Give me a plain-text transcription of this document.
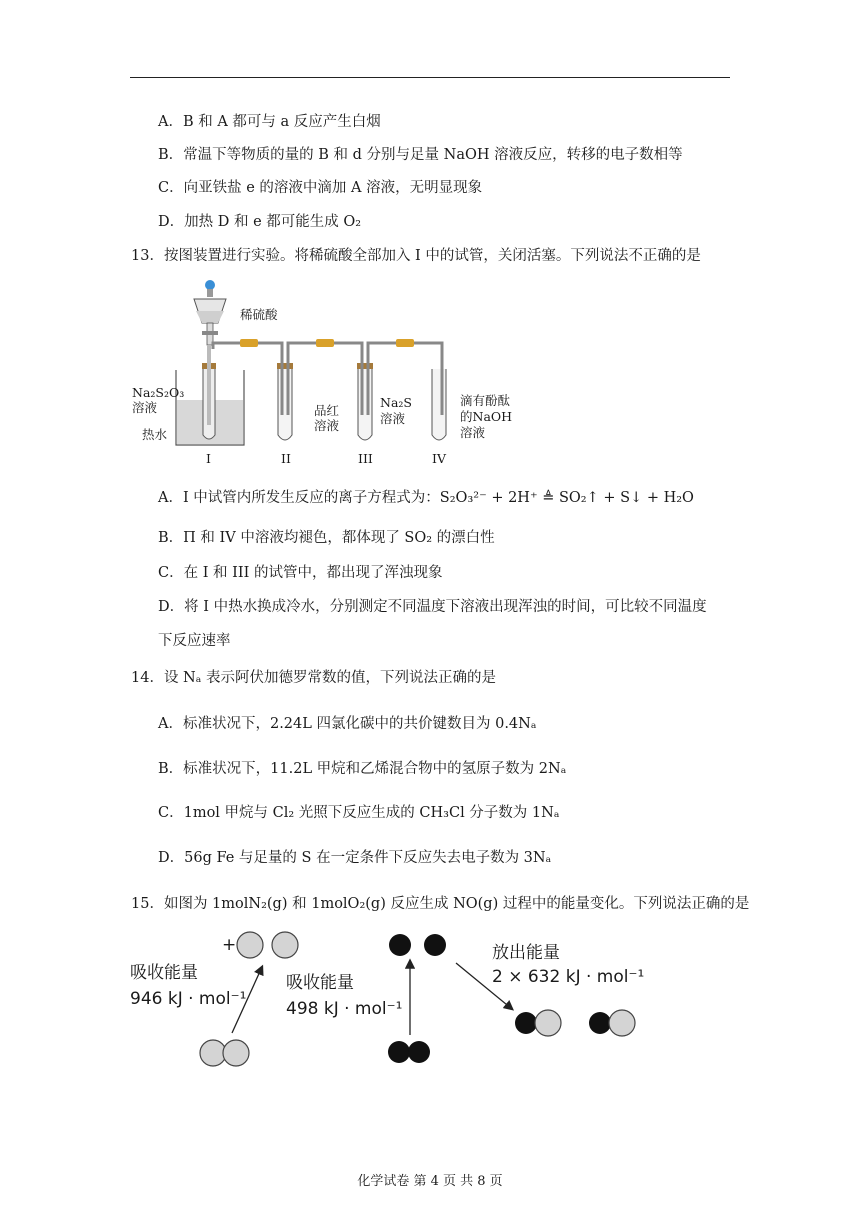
A．B 和 A 都可与 a 反应产生白烟
B．常温下等物质的量的 B 和 d 分别与足量 NaOH 溶液反应，转移的电子数相等
C．向亚铁盐 e 的溶液中滴加 A 溶液，无明显现象
D．加热 D 和 e 都可能生成 O₂
13．按图装置进行实验。将稀硫酸全部加入 I 中的试管，关闭活塞。下列说法不正确的是
稀硫酸
Na₂S₂O₃
溶液
热水
品红
溶液
Na₂S
溶液
滴有酚酞
的NaOH
溶液
I	II	III	IV
A．I 中试管内所发生反应的离子方程式为：S₂O₃²⁻ + 2H⁺ ≜ SO₂↑ + S↓ + H₂O
B．Π 和 IV 中溶液均褪色，都体现了 SO₂ 的漂白性
C．在 I 和 III 的试管中，都出现了浑浊现象
D．将 I 中热水换成冷水，分别测定不同温度下溶液出现浑浊的时间，可比较不同温度
下反应速率
14．设 Nₐ 表示阿伏加德罗常数的值，下列说法正确的是
A．标准状况下，2.24L 四氯化碳中的共价键数目为 0.4Nₐ
B．标准状况下，11.2L 甲烷和乙烯混合物中的氢原子数为 2Nₐ
C．1mol 甲烷与 Cl₂ 光照下反应生成的 CH₃Cl 分子数为 1Nₐ
D．56g Fe 与足量的 S 在一定条件下反应失去电子数为 3Nₐ
15．如图为 1molN₂(g) 和 1molO₂(g) 反应生成 NO(g) 过程中的能量变化。下列说法正确的是
+
吸收能量
946 kJ · mol⁻¹
吸收能量
498 kJ · mol⁻¹
放出能量
2 × 632 kJ · mol⁻¹
化学试卷 第 4 页 共 8 页
